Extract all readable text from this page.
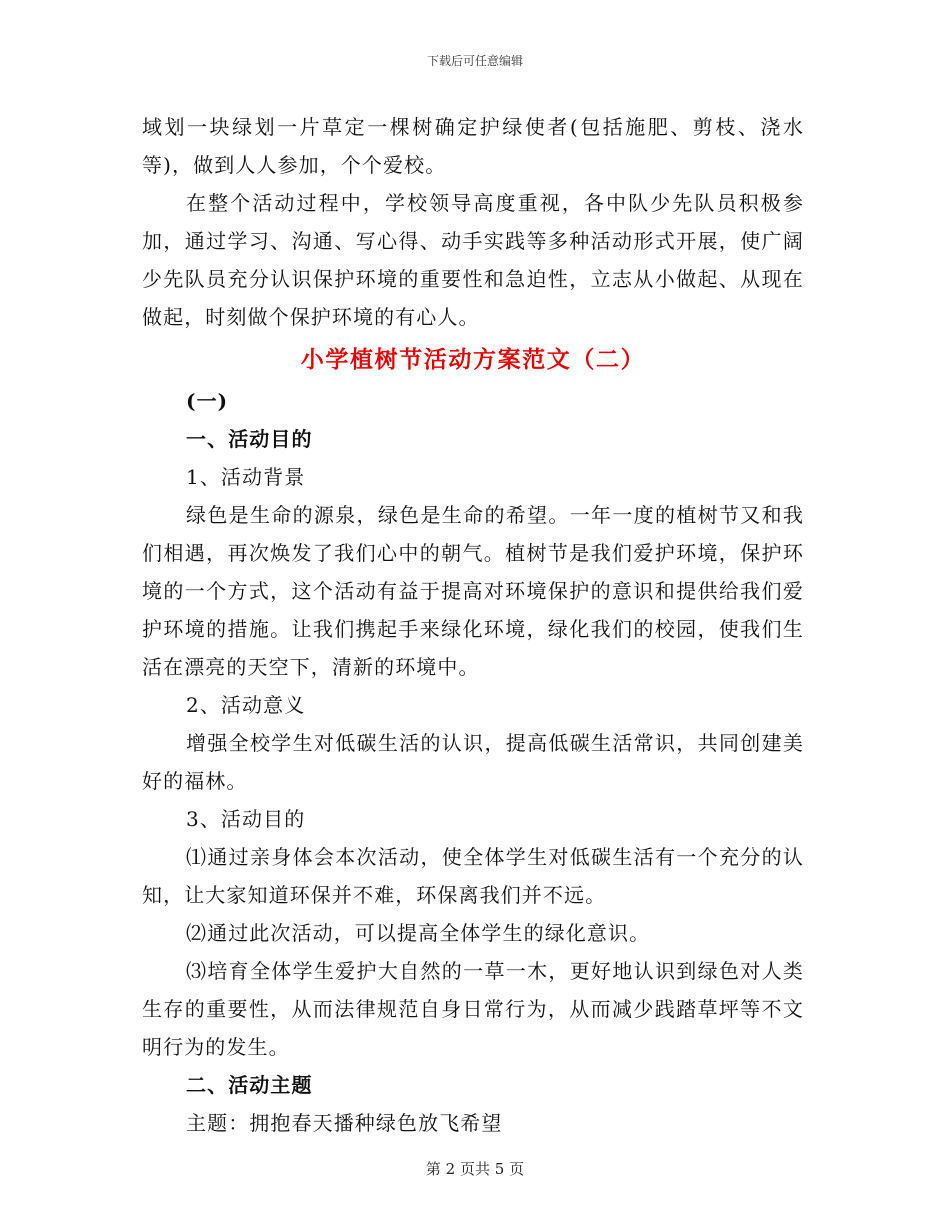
下载后可任意编辑

域划一块绿划一片草定一棵树确定护绿使者(包括施肥、剪枝、浇水等)，做到人人参加，个个爱校。

在整个活动过程中，学校领导高度重视，各中队少先队员积极参加，通过学习、沟通、写心得、动手实践等多种活动形式开展，使广阔少先队员充分认识保护环境的重要性和急迫性，立志从小做起、从现在做起，时刻做个保护环境的有心人。

小学植树节活动方案范文（二）

(一)

一、活动目的

1、活动背景

绿色是生命的源泉，绿色是生命的希望。一年一度的植树节又和我们相遇，再次焕发了我们心中的朝气。植树节是我们爱护环境，保护环境的一个方式，这个活动有益于提高对环境保护的意识和提供给我们爱护环境的措施。让我们携起手来绿化环境，绿化我们的校园，使我们生活在漂亮的天空下，清新的环境中。

2、活动意义

增强全校学生对低碳生活的认识，提高低碳生活常识，共同创建美好的福林。

3、活动目的

⑴通过亲身体会本次活动，使全体学生对低碳生活有一个充分的认知，让大家知道环保并不难，环保离我们并不远。

⑵通过此次活动，可以提高全体学生的绿化意识。

⑶培育全体学生爱护大自然的一草一木，更好地认识到绿色对人类生存的重要性，从而法律规范自身日常行为，从而减少践踏草坪等不文明行为的发生。

二、活动主题

主题：拥抱春天播种绿色放飞希望

第 2 页共 5 页
